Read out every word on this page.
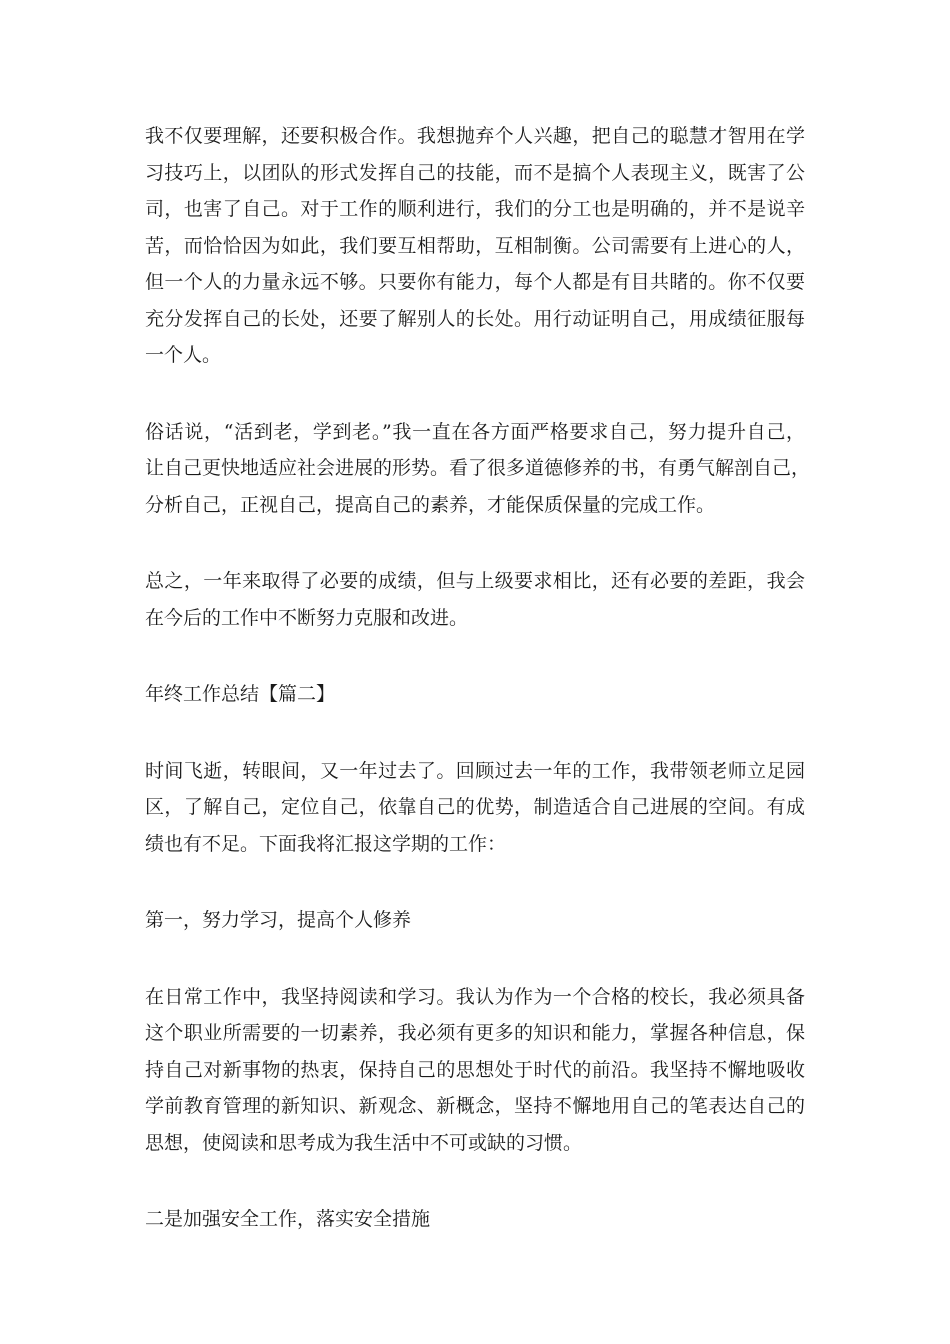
我不仅要理解，还要积极合作。我想抛弃个人兴趣，把自己的聪慧才智用在学
习技巧上，以团队的形式发挥自己的技能，而不是搞个人表现主义，既害了公
司，也害了自己。对于工作的顺利进行，我们的分工也是明确的，并不是说辛
苦，而恰恰因为如此，我们要互相帮助，互相制衡。公司需要有上进心的人，
但一个人的力量永远不够。只要你有能力，每个人都是有目共睹的。你不仅要
充分发挥自己的长处，还要了解别人的长处。用行动证明自己，用成绩征服每
一个人。
俗话说，“活到老，学到老。”我一直在各方面严格要求自己，努力提升自己，
让自己更快地适应社会进展的形势。看了很多道德修养的书，有勇气解剖自己，
分析自己，正视自己，提高自己的素养，才能保质保量的完成工作。
总之，一年来取得了必要的成绩，但与上级要求相比，还有必要的差距，我会
在今后的工作中不断努力克服和改进。
年终工作总结【篇二】
时间飞逝，转眼间，又一年过去了。回顾过去一年的工作，我带领老师立足园
区，了解自己，定位自己，依靠自己的优势，制造适合自己进展的空间。有成
绩也有不足。下面我将汇报这学期的工作：
第一，努力学习，提高个人修养
在日常工作中，我坚持阅读和学习。我认为作为一个合格的校长，我必须具备
这个职业所需要的一切素养，我必须有更多的知识和能力，掌握各种信息，保
持自己对新事物的热衷，保持自己的思想处于时代的前沿。我坚持不懈地吸收
学前教育管理的新知识、新观念、新概念，坚持不懈地用自己的笔表达自己的
思想，使阅读和思考成为我生活中不可或缺的习惯。
二是加强安全工作，落实安全措施
